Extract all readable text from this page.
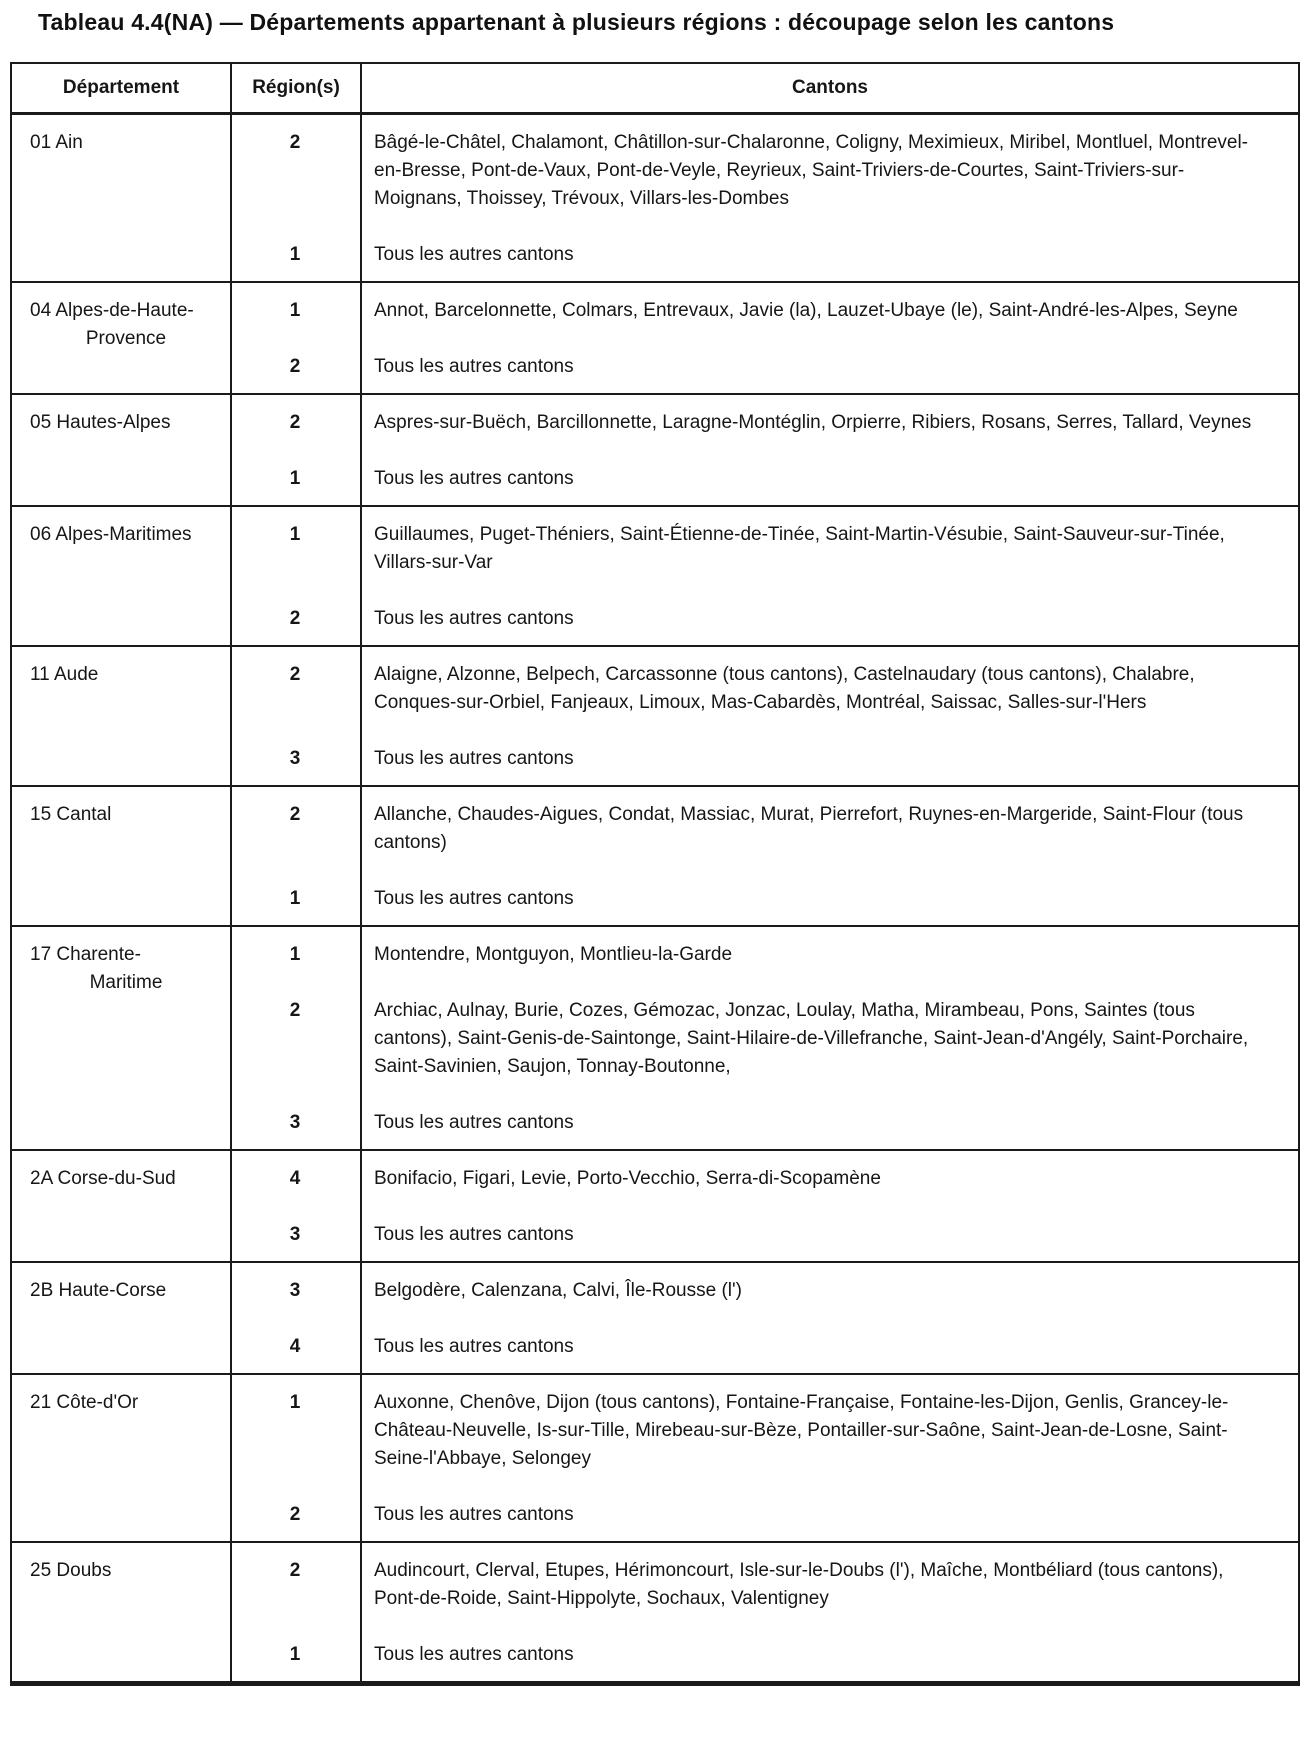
Tableau 4.4(NA) — Départements appartenant à plusieurs régions : découpage selon les cantons
Département	Région(s)	Cantons
01 Ain	2	Bâgé-le-Châtel, Chalamont, Châtillon-sur-Chalaronne, Coligny, Meximieux, Miribel, Montluel, Montrevel-en-Bresse, Pont-de-Vaux, Pont-de-Veyle, Reyrieux, Saint-Triviers-de-Courtes, Saint-Triviers-sur-Moignans, Thoissey, Trévoux, Villars-les-Dombes
1	Tous les autres cantons
04 Alpes-de-Haute-
Provence
1	Annot, Barcelonnette, Colmars, Entrevaux, Javie (la), Lauzet-Ubaye (le), Saint-André-les-Alpes, Seyne
2	Tous les autres cantons
05 Hautes-Alpes	2	Aspres-sur-Buëch, Barcillonnette, Laragne-Montéglin, Orpierre, Ribiers, Rosans, Serres, Tallard, Veynes
1	Tous les autres cantons
06 Alpes-Maritimes	1	Guillaumes, Puget-Théniers, Saint-Étienne-de-Tinée, Saint-Martin-Vésubie, Saint-Sauveur-sur-Tinée, Villars-sur-Var
2	Tous les autres cantons
11 Aude	2	Alaigne, Alzonne, Belpech, Carcassonne (tous cantons), Castelnaudary (tous cantons), Chalabre, Conques-sur-Orbiel, Fanjeaux, Limoux, Mas-Cabardès, Montréal, Saissac, Salles-sur-l'Hers
3	Tous les autres cantons
15 Cantal	2	Allanche, Chaudes-Aigues, Condat, Massiac, Murat, Pierrefort, Ruynes-en-Margeride, Saint-Flour (tous cantons)
1	Tous les autres cantons
17 Charente-
Maritime
1	Montendre, Montguyon, Montlieu-la-Garde
2	Archiac, Aulnay, Burie, Cozes, Gémozac, Jonzac, Loulay, Matha, Mirambeau, Pons, Saintes (tous cantons), Saint-Genis-de-Saintonge, Saint-Hilaire-de-Villefranche, Saint-Jean-d'Angély, Saint-Porchaire, Saint-Savinien, Saujon, Tonnay-Boutonne,
3	Tous les autres cantons
2A Corse-du-Sud	4	Bonifacio, Figari, Levie, Porto-Vecchio, Serra-di-Scopamène
3	Tous les autres cantons
2B Haute-Corse	3	Belgodère, Calenzana, Calvi, Île-Rousse (l')
4	Tous les autres cantons
21 Côte-d'Or	1	Auxonne, Chenôve, Dijon (tous cantons), Fontaine-Française, Fontaine-les-Dijon, Genlis, Grancey-le-Château-Neuvelle, Is-sur-Tille, Mirebeau-sur-Bèze, Pontailler-sur-Saône, Saint-Jean-de-Losne, Saint-Seine-l'Abbaye, Selongey
2	Tous les autres cantons
25 Doubs	2	Audincourt, Clerval, Etupes, Hérimoncourt, Isle-sur-le-Doubs (l'), Maîche, Montbéliard (tous cantons), Pont-de-Roide, Saint-Hippolyte, Sochaux, Valentigney
1	Tous les autres cantons
